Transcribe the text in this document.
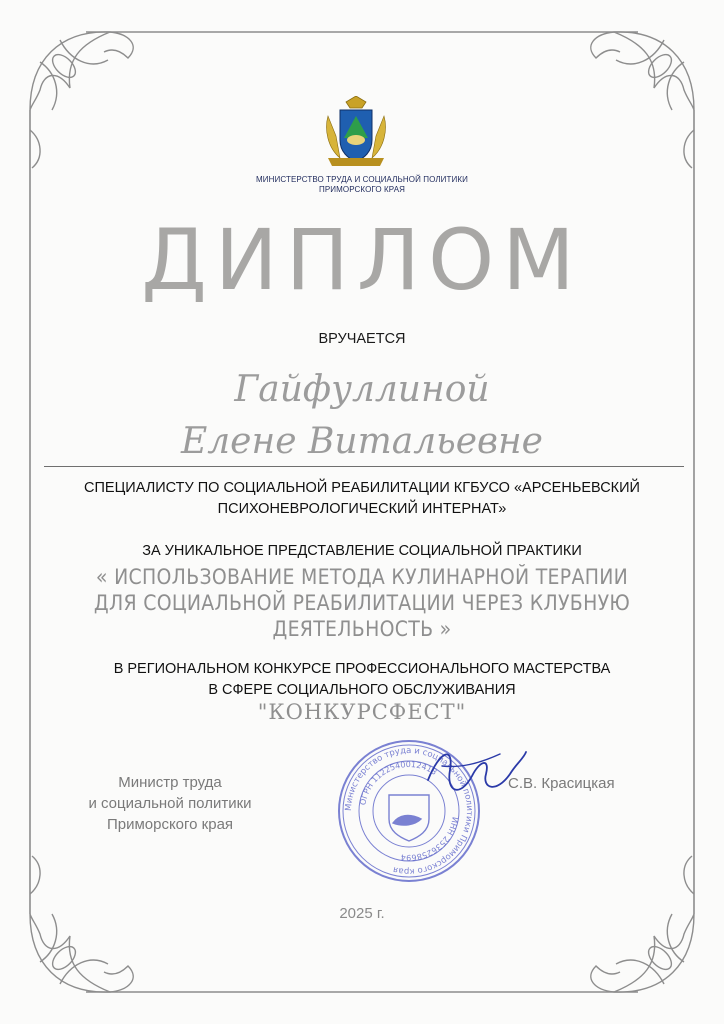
МИНИСТЕРСТВО ТРУДА И СОЦИАЛЬНОЙ ПОЛИТИКИ
ПРИМОРСКОГО КРАЯ
ДИПЛОМ
ВРУЧАЕТСЯ
Гайфуллиной
Елене Витальевне
СПЕЦИАЛИСТУ ПО СОЦИАЛЬНОЙ РЕАБИЛИТАЦИИ КГБУСО «АРСЕНЬЕВСКИЙ
ПСИХОНЕВРОЛОГИЧЕСКИЙ ИНТЕРНАТ»
ЗА УНИКАЛЬНОЕ ПРЕДСТАВЛЕНИЕ СОЦИАЛЬНОЙ ПРАКТИКИ
« ИСПОЛЬЗОВАНИЕ МЕТОДА КУЛИНАРНОЙ ТЕРАПИИ
ДЛЯ СОЦИАЛЬНОЙ РЕАБИЛИТАЦИИ ЧЕРЕЗ КЛУБНУЮ
ДЕЯТЕЛЬНОСТЬ »
В РЕГИОНАЛЬНОМ КОНКУРСЕ ПРОФЕССИОНАЛЬНОГО МАСТЕРСТВА
В СФЕРЕ СОЦИАЛЬНОГО ОБСЛУЖИВАНИЯ
"КОНКУРСФЕСТ"
Министр труда
и социальной политики
Приморского края
Министерство труда и социальной политики Приморского края
ОГРН 1122540012418
ИНН 2536258694
С.В. Красицкая
2025 г.
